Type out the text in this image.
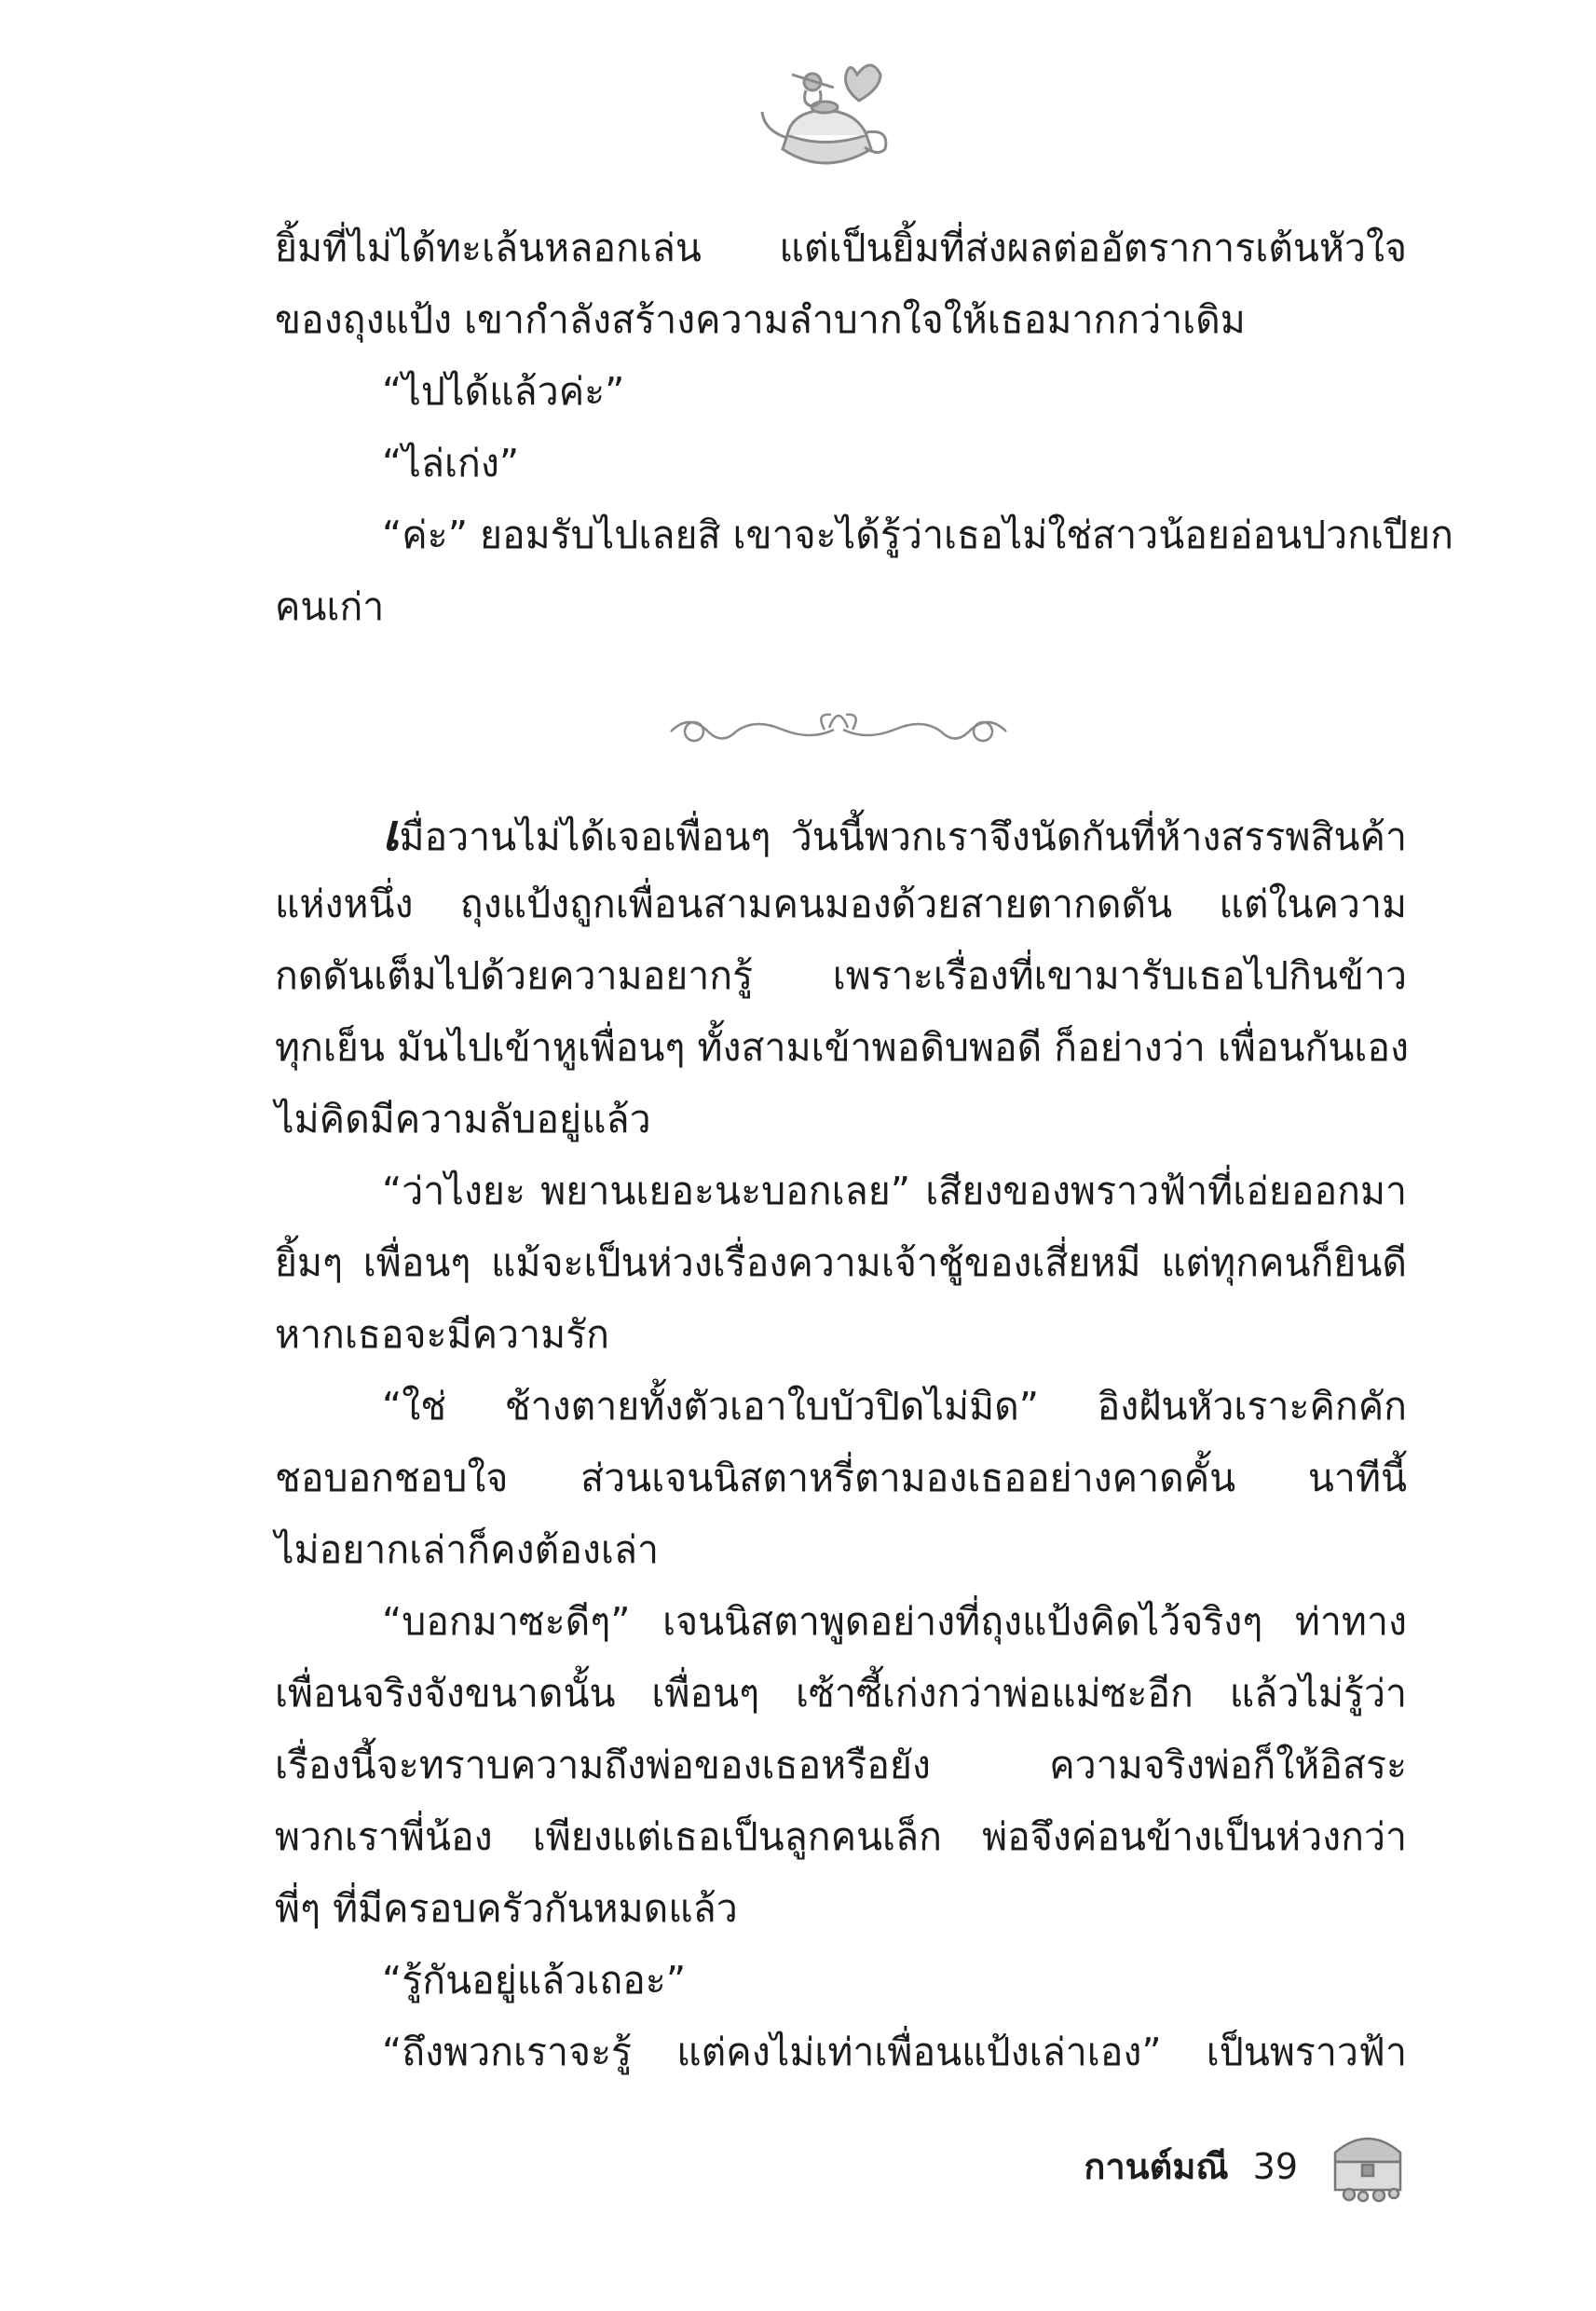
ยิ้มที่ไม่ได้ทะเล้นหลอกเล่น แต่เป็นยิ้มที่ส่งผลต่ออัตราการเต้นหัวใจ
ของถุงแป้ง เขากำลังสร้างความลำบากใจให้เธอมากกว่าเดิม
“ไปได้แล้วค่ะ”
“ไล่เก่ง”
“ค่ะ” ยอมรับไปเลยสิ เขาจะได้รู้ว่าเธอไม่ใช่สาวน้อยอ่อนปวกเปียก
คนเก่า
เมื่อวานไม่ได้เจอเพื่อนๆ วันนี้พวกเราจึงนัดกันที่ห้างสรรพสินค้า
แห่งหนึ่ง ถุงแป้งถูกเพื่อนสามคนมองด้วยสายตากดดัน แต่ในความ
กดดันเต็มไปด้วยความอยากรู้ เพราะเรื่องที่เขามารับเธอไปกินข้าว
ทุกเย็น มันไปเข้าหูเพื่อนๆ ทั้งสามเข้าพอดิบพอดี ก็อย่างว่า เพื่อนกันเอง
ไม่คิดมีความลับอยู่แล้ว
“ว่าไงยะ พยานเยอะนะบอกเลย” เสียงของพราวฟ้าที่เอ่ยออกมา
ยิ้มๆ เพื่อนๆ แม้จะเป็นห่วงเรื่องความเจ้าชู้ของเสี่ยหมี แต่ทุกคนก็ยินดี
หากเธอจะมีความรัก
“ใช่ ช้างตายทั้งตัวเอาใบบัวปิดไม่มิด” อิงฝันหัวเราะคิกคัก
ชอบอกชอบใจ ส่วนเจนนิสตาหรี่ตามองเธออย่างคาดคั้น นาทีนี้
ไม่อยากเล่าก็คงต้องเล่า
“บอกมาซะดีๆ” เจนนิสตาพูดอย่างที่ถุงแป้งคิดไว้จริงๆ ท่าทาง
เพื่อนจริงจังขนาดนั้น เพื่อนๆ เซ้าซี้เก่งกว่าพ่อแม่ซะอีก แล้วไม่รู้ว่า
เรื่องนี้จะทราบความถึงพ่อของเธอหรือยัง ความจริงพ่อก็ให้อิสระ
พวกเราพี่น้อง เพียงแต่เธอเป็นลูกคนเล็ก พ่อจึงค่อนข้างเป็นห่วงกว่า
พี่ๆ ที่มีครอบครัวกันหมดแล้ว
“รู้กันอยู่แล้วเถอะ”
“ถึงพวกเราจะรู้ แต่คงไม่เท่าเพื่อนแป้งเล่าเอง” เป็นพราวฟ้า
กานต์มณี 39
